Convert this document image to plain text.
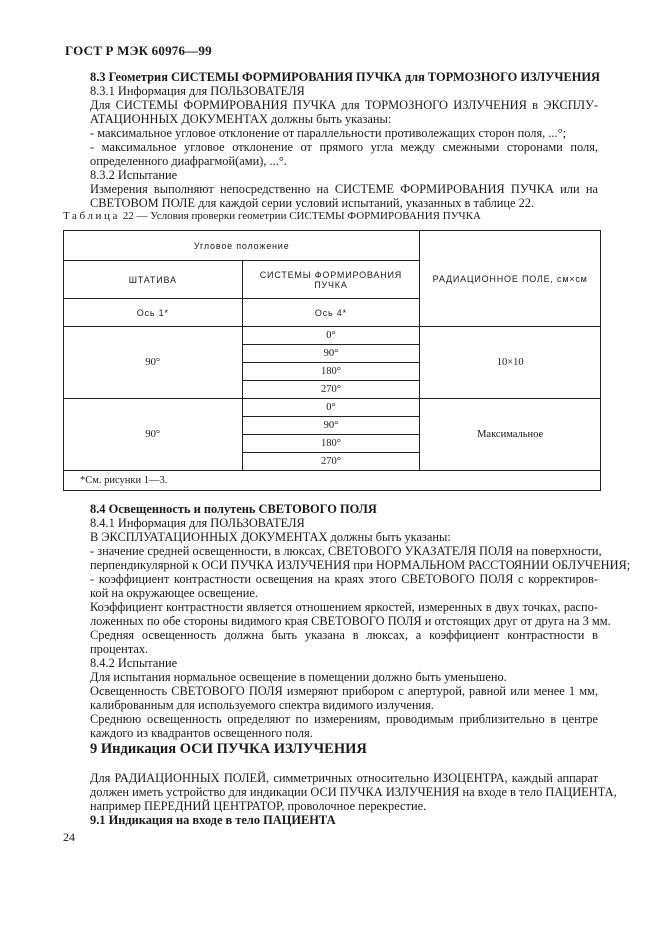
ГОСТ Р МЭК 60976—99
8.3 Геометрия СИСТЕМЫ ФОРМИРОВАНИЯ ПУЧКА для ТОРМОЗНОГО ИЗЛУЧЕНИЯ
8.3.1 Информация для ПОЛЬЗОВАТЕЛЯ
Для СИСТЕМЫ ФОРМИРОВАНИЯ ПУЧКА для ТОРМОЗНОГО ИЗЛУЧЕНИЯ в ЭКСПЛУ-
АТАЦИОННЫХ ДОКУМЕНТАХ должны быть указаны:
- максимальное угловое отклонение от параллельности противолежащих сторон поля, ...°;
- максимальное угловое отклонение от прямого угла между смежными сторонами поля,
определенного диафрагмой(ами), ...°.
8.3.2 Испытание
Измерения выполняют непосредственно на СИСТЕМЕ ФОРМИРОВАНИЯ ПУЧКА или на
СВЕТОВОМ ПОЛЕ для каждой серии условий испытаний, указанных в таблице 22.
Таблица 22 — Условия проверки геометрии СИСТЕМЫ ФОРМИРОВАНИЯ ПУЧКА
Угловое положение		РАДИАЦИОННОЕ ПОЛЕ, см×см
ШТАТИВА	СИСТЕМЫ ФОРМИРОВАНИЯ ПУЧКА	
Ось 1*	Ось 4*	
90°	0°	10×10
	90°	
	180°	
	270°	
90°	0°	Максимальное
	90°	
	180°	
	270°	
*См. рисунки 1—3.		
8.4 Освещенность и полутень СВЕТОВОГО ПОЛЯ
8.4.1 Информация для ПОЛЬЗОВАТЕЛЯ
В ЭКСПЛУАТАЦИОННЫХ ДОКУМЕНТАХ должны быть указаны:
- значение средней освещенности, в люксах, СВЕТОВОГО УКАЗАТЕЛЯ ПОЛЯ на поверхности,
перпендикулярной к ОСИ ПУЧКА ИЗЛУЧЕНИЯ при НОРМАЛЬНОМ РАССТОЯНИИ ОБЛУЧЕНИЯ;
- коэффициент контрастности освещения на краях этого СВЕТОВОГО ПОЛЯ с корректиров-
кой на окружающее освещение.
Коэффициент контрастности является отношением яркостей, измеренных в двух точках, распо-
ложенных по обе стороны видимого края СВЕТОВОГО ПОЛЯ и отстоящих друг от друга на 3 мм.
Средняя освещенность должна быть указана в люксах, а коэффициент контрастности в
процентах.
8.4.2 Испытание
Для испытания нормальное освещение в помещении должно быть уменьшено.
Освещенность СВЕТОВОГО ПОЛЯ измеряют прибором с апертурой, равной или менее 1 мм,
калиброванным для используемого спектра видимого излучения.
Среднюю освещенность определяют по измерениям, проводимым приблизительно в центре
каждого из квадрантов освещенного поля.
9 Индикация ОСИ ПУЧКА ИЗЛУЧЕНИЯ
Для РАДИАЦИОННЫХ ПОЛЕЙ, симметричных относительно ИЗОЦЕНТРА, каждый аппарат
должен иметь устройство для индикации ОСИ ПУЧКА ИЗЛУЧЕНИЯ на входе в тело ПАЦИЕНТА,
например ПЕРЕДНИЙ ЦЕНТРАТОР, проволочное перекрестие.
9.1 Индикация на входе в тело ПАЦИЕНТА
24
